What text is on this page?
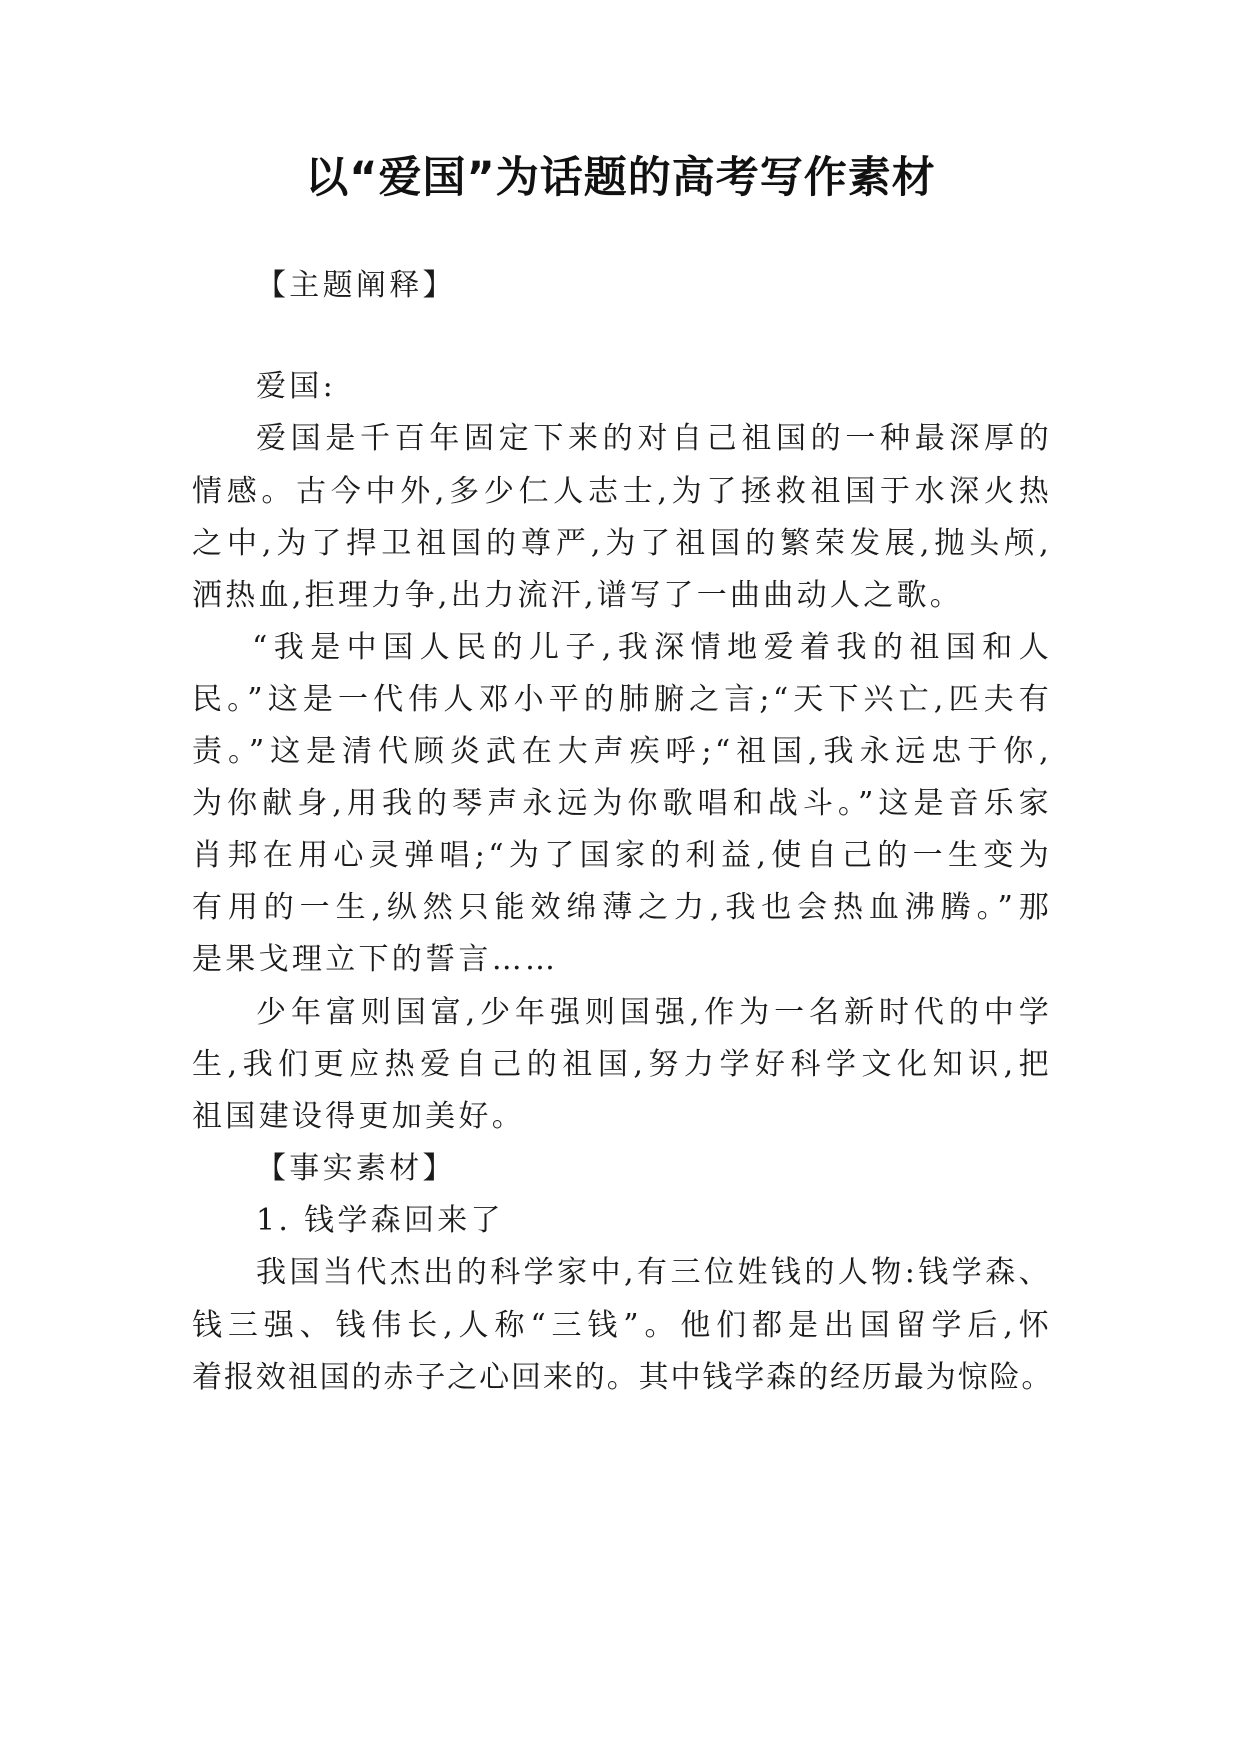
以“爱国”为话题的高考写作素材
【主题阐释】
爱国:
爱国是千百年固定下来的对自己祖国的一种最深厚的
情感。古今中外,多少仁人志士,为了拯救祖国于水深火热
之中,为了捍卫祖国的尊严,为了祖国的繁荣发展,抛头颅,
洒热血,拒理力争,出力流汗,谱写了一曲曲动人之歌。
“我是中国人民的儿子,我深情地爱着我的祖国和人
民。”这是一代伟人邓小平的肺腑之言;“天下兴亡,匹夫有
责。”这是清代顾炎武在大声疾呼;“祖国,我永远忠于你,
为你献身,用我的琴声永远为你歌唱和战斗。”这是音乐家
肖邦在用心灵弹唱;“为了国家的利益,使自己的一生变为
有用的一生,纵然只能效绵薄之力,我也会热血沸腾。”那
是果戈理立下的誓言……
少年富则国富,少年强则国强,作为一名新时代的中学
生,我们更应热爱自己的祖国,努力学好科学文化知识,把
祖国建设得更加美好。
【事实素材】
1. 钱学森回来了
我国当代杰出的科学家中,有三位姓钱的人物:钱学森、
钱三强、钱伟长,人称“三钱”。他们都是出国留学后,怀
着报效祖国的赤子之心回来的。其中钱学森的经历最为惊险。
